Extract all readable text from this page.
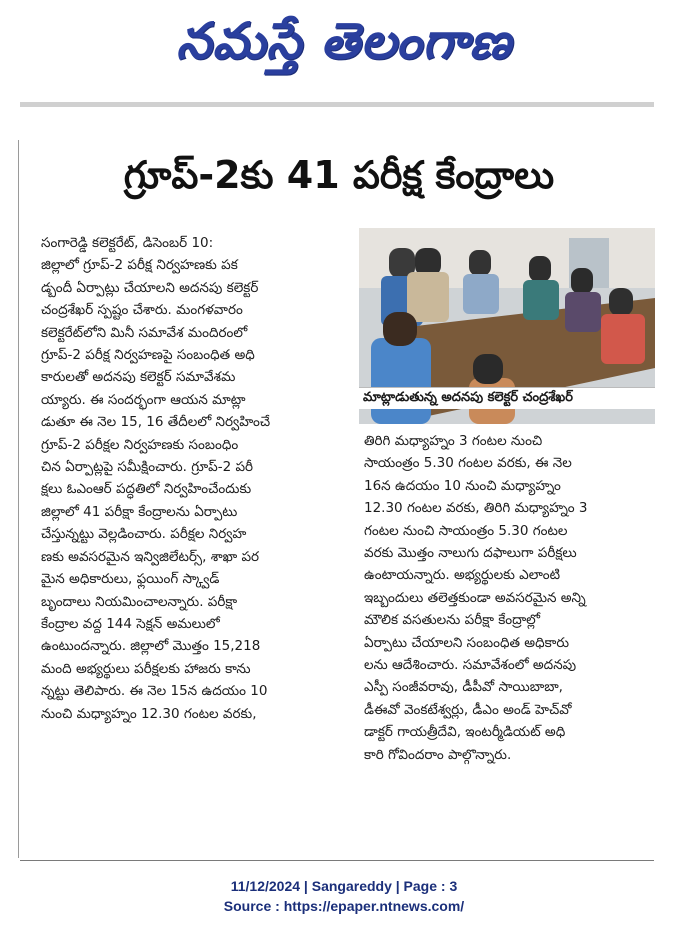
నమస్తే తెలంగాణ
గ్రూప్-2కు 41 పరీక్ష కేంద్రాలు

సంగారెడ్డి కలెక్టరేట్, డిసెంబర్ 10:

జిల్లాలో గ్రూప్-2 పరీక్ష నిర్వహణకు పక

డ్బందీ ఏర్పాట్లు చేయాలని అదనపు కలెక్టర్

చంద్రశేఖర్ స్పష్టం చేశారు. మంగళవారం

కలెక్టరేట్‌లోని మినీ సమావేశ మందిరంలో

గ్రూప్-2 పరీక్ష నిర్వహణపై సంబంధిత అధి

కారులతో అదనపు కలెక్టర్ సమావేశమ

య్యారు. ఈ సందర్భంగా ఆయన మాట్లా

డుతూ ఈ నెల 15, 16 తేదీలలో నిర్వహించే

గ్రూప్-2 పరీక్షల నిర్వహణకు సంబంధిం

చిన ఏర్పాట్లపై సమీక్షించారు. గ్రూప్-2 పరీ

క్షలు ఓఎంఆర్ పద్ధతిలో నిర్వహించేందుకు

జిల్లాలో 41 పరీక్షా కేంద్రాలను ఏర్పాటు

చేస్తున్నట్టు వెల్లడించారు. పరీక్షల నిర్వహ

ణకు అవసరమైన ఇన్విజిలేటర్స్, శాఖా పర

మైన అధికారులు, ఫ్లయింగ్ స్క్వాడ్

బృందాలు నియమించాలన్నారు. పరీక్షా

కేంద్రాల వద్ద 144 సెక్షన్ అమలులో

ఉంటుందన్నారు. జిల్లాలో మొత్తం 15,218

మంది అభ్యర్థులు పరీక్షలకు హాజరు కాను

న్నట్టు తెలిపారు. ఈ నెల 15న ఉదయం 10

నుంచి మధ్యాహ్నం 12.30 గంటల వరకు,

మాట్లాడుతున్న అదనపు కలెక్టర్ చంద్రశేఖర్

తిరిగి మధ్యాహ్నం 3 గంటల నుంచి

సాయంత్రం 5.30 గంటల వరకు, ఈ నెల

16న ఉదయం 10 నుంచి మధ్యాహ్నం

12.30 గంటల వరకు, తిరిగి మధ్యాహ్నం 3

గంటల నుంచి సాయంత్రం 5.30 గంటల

వరకు మొత్తం నాలుగు దఫాలుగా పరీక్షలు

ఉంటాయన్నారు. అభ్యర్థులకు ఎలాంటి

ఇబ్బందులు తలెత్తకుండా అవసరమైన అన్ని

మౌలిక వసతులను పరీక్షా కేంద్రాల్లో

ఏర్పాటు చేయాలని సంబంధిత అధికారు

లను ఆదేశించారు. సమావేశంలో అదనపు

ఎస్పీ సంజీవరావు, డీపీవో సాయిబాబా,

డీఈవో వెంకటేశ్వర్లు, డీఎం అండ్ హెచ్‌వో

డాక్టర్ గాయత్రీదేవి, ఇంటర్మీడియట్ అధి

కారి గోవిందరాం పాల్గొన్నారు.

11/12/2024 | Sangareddy | Page : 3
Source : https://epaper.ntnews.com/
